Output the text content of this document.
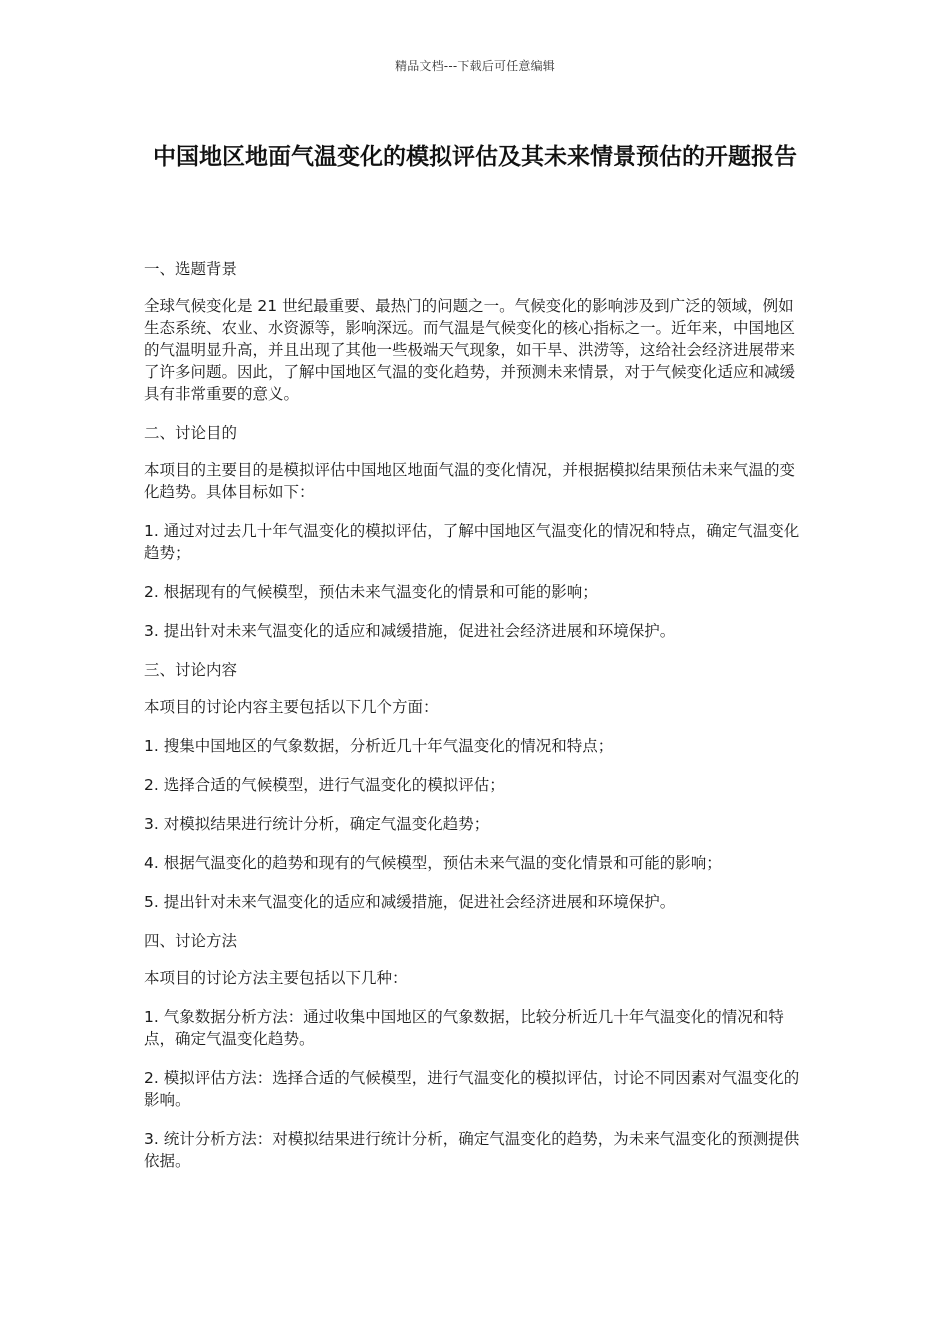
精品文档---下载后可任意编辑
中国地区地面气温变化的模拟评估及其未来情景预估的开题报告

一、选题背景

全球气候变化是 21 世纪最重要、最热门的问题之一。气候变化的影响涉及到广泛的领域，例如生态系统、农业、水资源等，影响深远。而气温是气候变化的核心指标之一。近年来，中国地区的气温明显升高，并且出现了其他一些极端天气现象，如干旱、洪涝等，这给社会经济进展带来了许多问题。因此，了解中国地区气温的变化趋势，并预测未来情景，对于气候变化适应和减缓具有非常重要的意义。

二、讨论目的

本项目的主要目的是模拟评估中国地区地面气温的变化情况，并根据模拟结果预估未来气温的变化趋势。具体目标如下：

1. 通过对过去几十年气温变化的模拟评估，了解中国地区气温变化的情况和特点，确定气温变化趋势；

2. 根据现有的气候模型，预估未来气温变化的情景和可能的影响；

3. 提出针对未来气温变化的适应和减缓措施，促进社会经济进展和环境保护。

三、讨论内容

本项目的讨论内容主要包括以下几个方面：

1. 搜集中国地区的气象数据，分析近几十年气温变化的情况和特点；

2. 选择合适的气候模型，进行气温变化的模拟评估；

3. 对模拟结果进行统计分析，确定气温变化趋势；

4. 根据气温变化的趋势和现有的气候模型，预估未来气温的变化情景和可能的影响；

5. 提出针对未来气温变化的适应和减缓措施，促进社会经济进展和环境保护。

四、讨论方法

本项目的讨论方法主要包括以下几种：

1. 气象数据分析方法：通过收集中国地区的气象数据，比较分析近几十年气温变化的情况和特点，确定气温变化趋势。

2. 模拟评估方法：选择合适的气候模型，进行气温变化的模拟评估，讨论不同因素对气温变化的影响。

3. 统计分析方法：对模拟结果进行统计分析，确定气温变化的趋势，为未来气温变化的预测提供依据。
